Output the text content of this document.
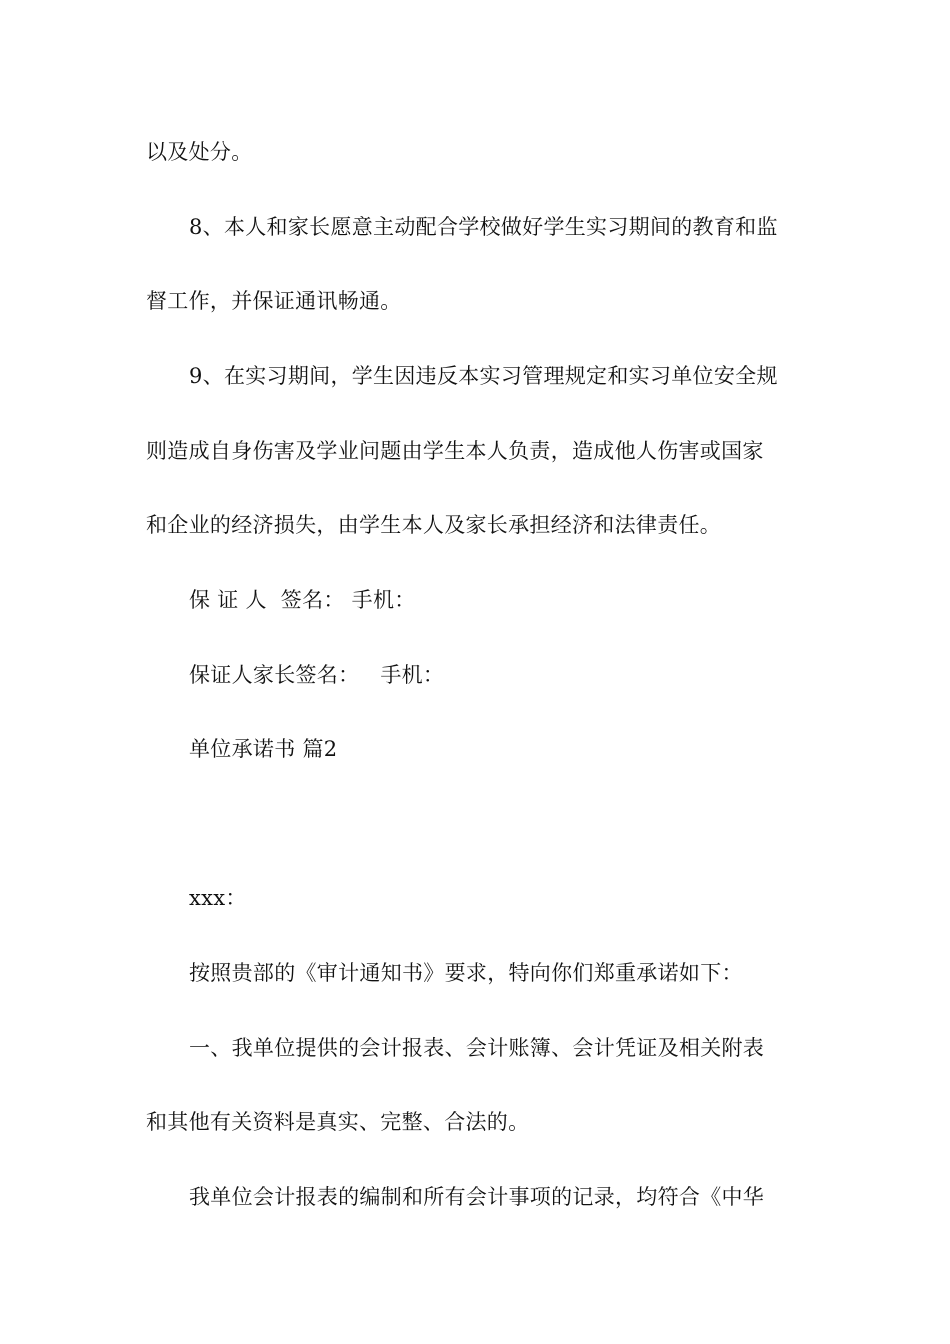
以及处分。
8、本人和家长愿意主动配合学校做好学生实习期间的教育和监
督工作，并保证通讯畅通。
9、在实习期间，学生因违反本实习管理规定和实习单位安全规
则造成自身伤害及学业问题由学生本人负责，造成他人伤害或国家
和企业的经济损失，由学生本人及家长承担经济和法律责任。
保 证 人  签名： 手机：
保证人家长签名：   手机：
单位承诺书 篇2
xxx：
按照贵部的《审计通知书》要求，特向你们郑重承诺如下：
一、我单位提供的会计报表、会计账簿、会计凭证及相关附表
和其他有关资料是真实、完整、合法的。
我单位会计报表的编制和所有会计事项的记录，均符合《中华
